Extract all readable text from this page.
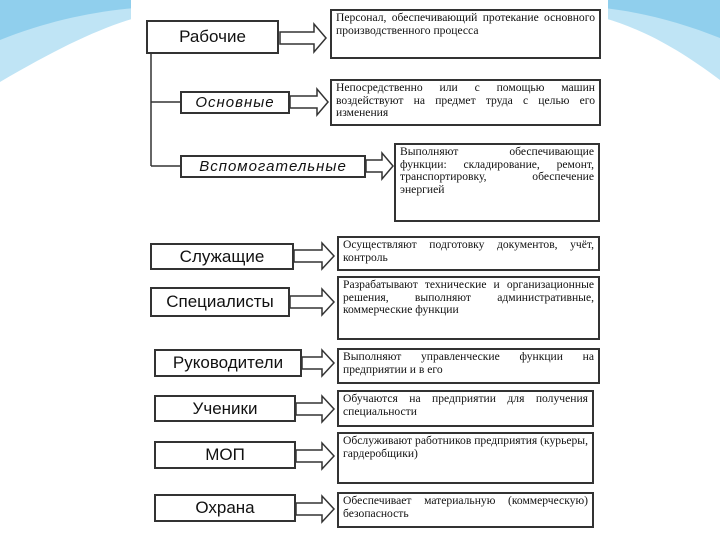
Рабочие
Основные
Вспомогательные
Служащие
Специалисты
Руководители
Ученики
МОП
Охрана
Персонал, обеспечивающий протекание основного производственного процесса
Непосредственно или с помощью машин воздействуют на предмет труда с целью его изменения
Выполняют обеспечивающие функции: складирование, ремонт, транспортировку, обеспечение энергией
Осуществляют подготовку документов, учёт, контроль
Разрабатывают технические и организационные решения, выполняют административные, коммерческие функции
Выполняют управленческие функции на предприятии и в его
Обучаются на предприятии для получения специальности
Обслуживают работников предприятия (курьеры, гардеробщики)
Обеспечивает материальную (коммерческую) безопасность
